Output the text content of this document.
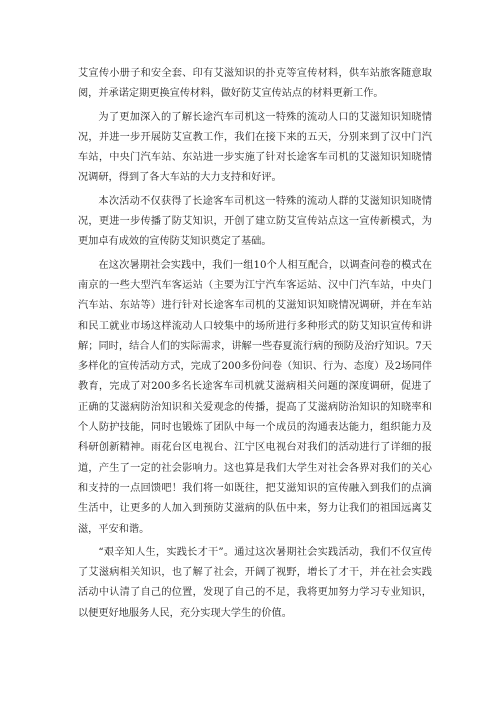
艾宣传小册子和安全套、印有艾滋知识的扑克等宣传材料，供车站旅客随意取阅，并承诺定期更换宣传材料，做好防艾宣传站点的材料更新工作。

为了更加深入的了解长途汽车司机这一特殊的流动人口的艾滋知识知晓情况，并进一步开展防艾宣教工作，我们在接下来的五天，分别来到了汉中门汽车站，中央门汽车站、东站进一步实施了针对长途客车司机的艾滋知识知晓情况调研，得到了各大车站的大力支持和好评。

本次活动不仅获得了长途客车司机这一特殊的流动人群的艾滋知识知晓情况，更进一步传播了防艾知识，开创了建立防艾宣传站点这一宣传新模式，为更加卓有成效的宣传防艾知识奠定了基础。

在这次暑期社会实践中，我们一组10个人相互配合，以调查问卷的模式在南京的一些大型汽车客运站（主要为江宁汽车客运站、汉中门汽车站，中央门汽车站、东站等）进行针对长途客车司机的艾滋知识知晓情况调研，并在车站和民工就业市场这样流动人口较集中的场所进行多种形式的防艾知识宣传和讲解；同时，结合人们的实际需求，讲解一些春夏流行病的预防及治疗知识。7天多样化的宣传活动方式，完成了200多份问卷（知识、行为、态度）及2场同伴教育，完成了对200多名长途客车司机就艾滋病相关问题的深度调研，促进了正确的艾滋病防治知识和关爱观念的传播，提高了艾滋病防治知识的知晓率和个人防护技能，同时也锻炼了团队中每一个成员的沟通表达能力，组织能力及科研创新精神。雨花台区电视台、江宁区电视台对我们的活动进行了详细的报道，产生了一定的社会影响力。这也算是我们大学生对社会各界对我们的关心和支持的一点回馈吧！我们将一如既往，把艾滋知识的宣传融入到我们的点滴生活中，让更多的人加入到预防艾滋病的队伍中来，努力让我们的祖国远离艾滋，平安和谐。

“艰辛知人生，实践长才干”。通过这次暑期社会实践活动，我们不仅宣传了艾滋病相关知识，也了解了社会，开阔了视野，增长了才干，并在社会实践活动中认清了自己的位置，发现了自己的不足，我将更加努力学习专业知识，以便更好地服务人民，充分实现大学生的价值。
